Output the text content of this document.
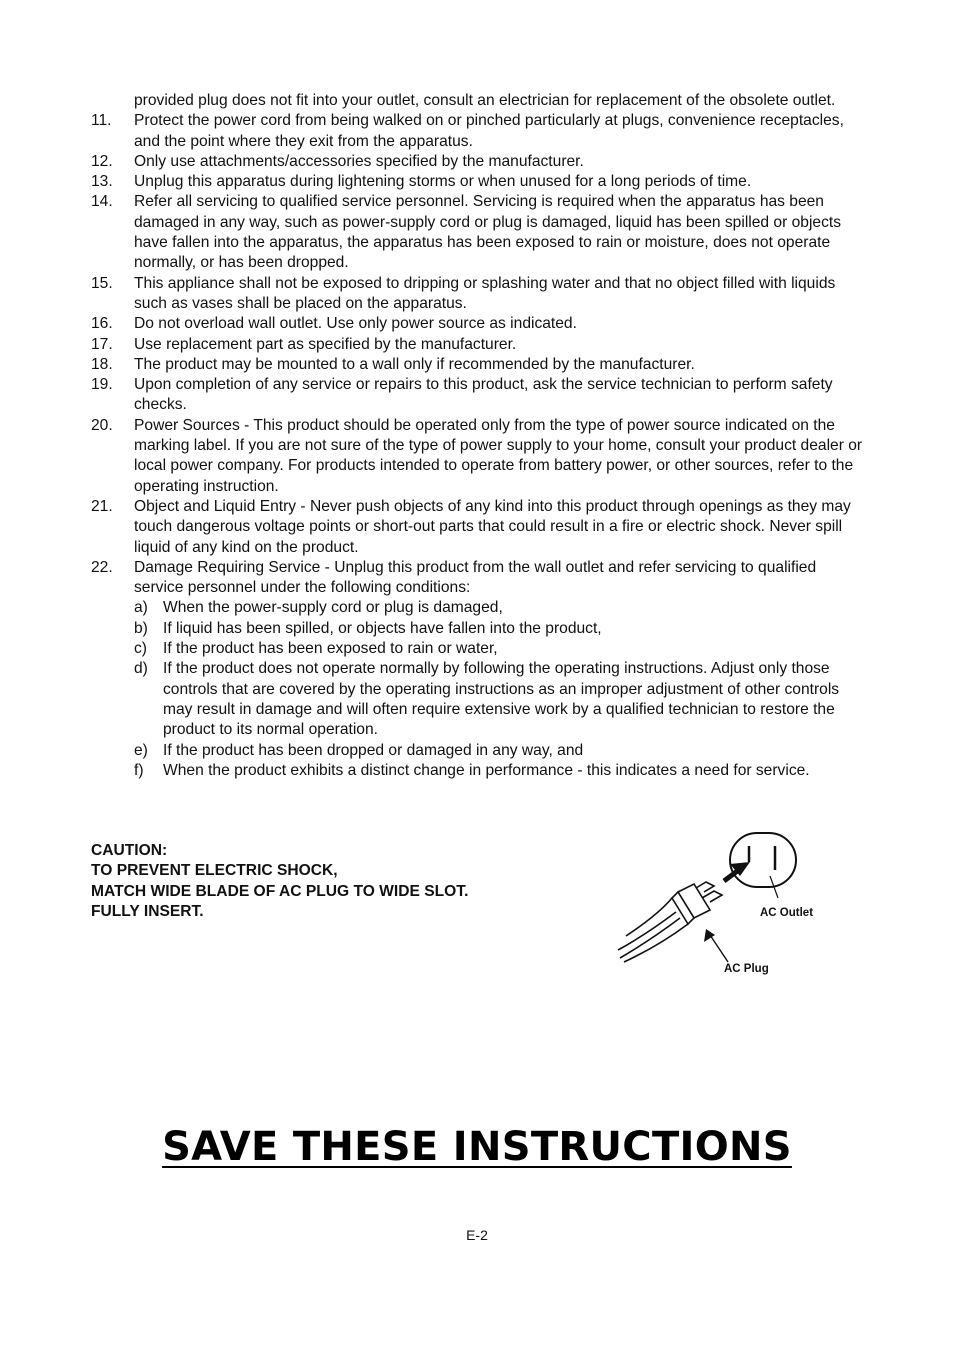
provided plug does not fit into your outlet, consult an electrician for replacement of the obsolete outlet.
11. Protect the power cord from being walked on or pinched particularly at plugs, convenience receptacles, and the point where they exit from the apparatus.
12. Only use attachments/accessories specified by the manufacturer.
13. Unplug this apparatus during lightening storms or when unused for a long periods of time.
14. Refer all servicing to qualified service personnel. Servicing is required when the apparatus has been damaged in any way, such as power-supply cord or plug is damaged, liquid has been spilled or objects have fallen into the apparatus, the apparatus has been exposed to rain or moisture, does not operate normally, or has been dropped.
15. This appliance shall not be exposed to dripping or splashing water and that no object filled with liquids such as vases shall be placed on the apparatus.
16. Do not overload wall outlet. Use only power source as indicated.
17. Use replacement part as specified by the manufacturer.
18. The product may be mounted to a wall only if recommended by the manufacturer.
19. Upon completion of any service or repairs to this product, ask the service technician to perform safety checks.
20. Power Sources - This product should be operated only from the type of power source indicated on the marking label. If you are not sure of the type of power supply to your home, consult your product dealer or local power company. For products intended to operate from battery power, or other sources, refer to the operating instruction.
21. Object and Liquid Entry - Never push objects of any kind into this product through openings as they may touch dangerous voltage points or short-out parts that could result in a fire or electric shock. Never spill liquid of any kind on the product.
22. Damage Requiring Service - Unplug this product from the wall outlet and refer servicing to qualified service personnel under the following conditions:
a) When the power-supply cord or plug is damaged,
b) If liquid has been spilled, or objects have fallen into the product,
c) If the product has been exposed to rain or water,
d) If the product does not operate normally by following the operating instructions. Adjust only those controls that are covered by the operating instructions as an improper adjustment of other controls may result in damage and will often require extensive work by a qualified technician to restore the product to its normal operation.
e) If the product has been dropped or damaged in any way, and
f) When the product exhibits a distinct change in performance - this indicates a need for service.
CAUTION:
TO PREVENT ELECTRIC SHOCK,
MATCH WIDE BLADE OF AC PLUG TO WIDE SLOT.
FULLY INSERT.	AC Outlet
AC Plug
SAVE THESE INSTRUCTIONS
E-2
